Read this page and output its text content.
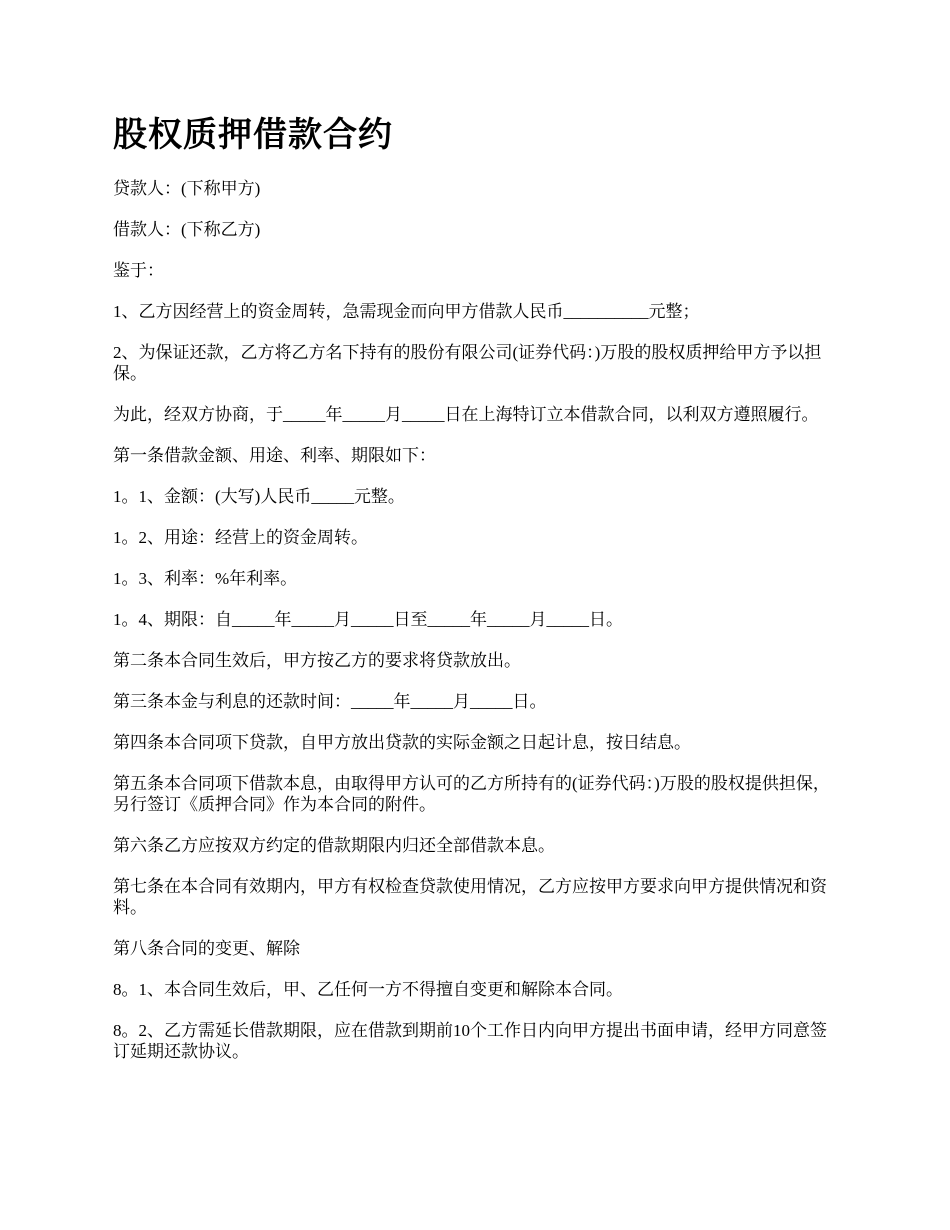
股权质押借款合约

贷款人：(下称甲方)

借款人：(下称乙方)

鉴于：

1、乙方因经营上的资金周转，急需现金而向甲方借款人民币__________元整；

2、为保证还款，乙方将乙方名下持有的股份有限公司(证券代码：)万股的股权质押给甲方予以担保。

为此，经双方协商，于_____年_____月_____日在上海特订立本借款合同，以利双方遵照履行。

第一条借款金额、用途、利率、期限如下：

1。1、金额：(大写)人民币_____元整。

1。2、用途：经营上的资金周转。

1。3、利率：%年利率。

1。4、期限：自_____年_____月_____日至_____年_____月_____日。

第二条本合同生效后，甲方按乙方的要求将贷款放出。

第三条本金与利息的还款时间：_____年_____月_____日。

第四条本合同项下贷款，自甲方放出贷款的实际金额之日起计息，按日结息。

第五条本合同项下借款本息，由取得甲方认可的乙方所持有的(证券代码：)万股的股权提供担保，另行签订《质押合同》作为本合同的附件。

第六条乙方应按双方约定的借款期限内归还全部借款本息。

第七条在本合同有效期内，甲方有权检查贷款使用情况，乙方应按甲方要求向甲方提供情况和资料。

第八条合同的变更、解除

8。1、本合同生效后，甲、乙任何一方不得擅自变更和解除本合同。

8。2、乙方需延长借款期限，应在借款到期前10个工作日内向甲方提出书面申请，经甲方同意签订延期还款协议。
